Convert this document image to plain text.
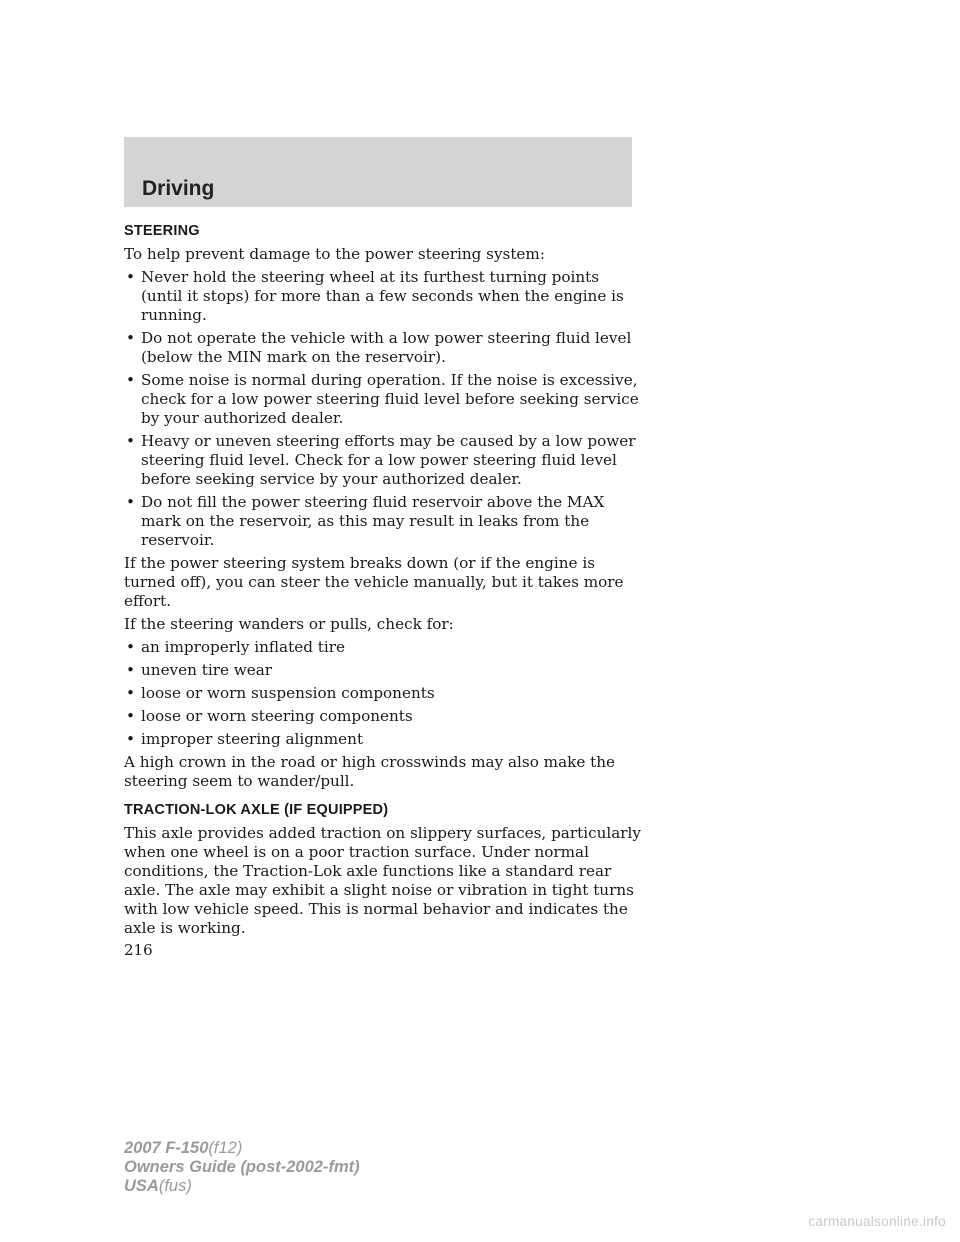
Driving
STEERING

To help prevent damage to the power steering system:

• Never hold the steering wheel at its furthest turning points (until it stops) for more than a few seconds when the engine is running.
• Do not operate the vehicle with a low power steering fluid level (below the MIN mark on the reservoir).
• Some noise is normal during operation. If the noise is excessive, check for a low power steering fluid level before seeking service by your authorized dealer.
• Heavy or uneven steering efforts may be caused by a low power steering fluid level. Check for a low power steering fluid level before seeking service by your authorized dealer.
• Do not fill the power steering fluid reservoir above the MAX mark on the reservoir, as this may result in leaks from the reservoir.

If the power steering system breaks down (or if the engine is turned off), you can steer the vehicle manually, but it takes more effort.

If the steering wanders or pulls, check for:

• an improperly inflated tire
• uneven tire wear
• loose or worn suspension components
• loose or worn steering components
• improper steering alignment

A high crown in the road or high crosswinds may also make the steering seem to wander/pull.

TRACTION-LOK AXLE (IF EQUIPPED)

This axle provides added traction on slippery surfaces, particularly when one wheel is on a poor traction surface. Under normal conditions, the Traction-Lok axle functions like a standard rear axle. The axle may exhibit a slight noise or vibration in tight turns with low vehicle speed. This is normal behavior and indicates the axle is working.

216
2007 F-150(f12)
Owners Guide (post-2002-fmt)
USA(fus)
carmanualsonline.info
